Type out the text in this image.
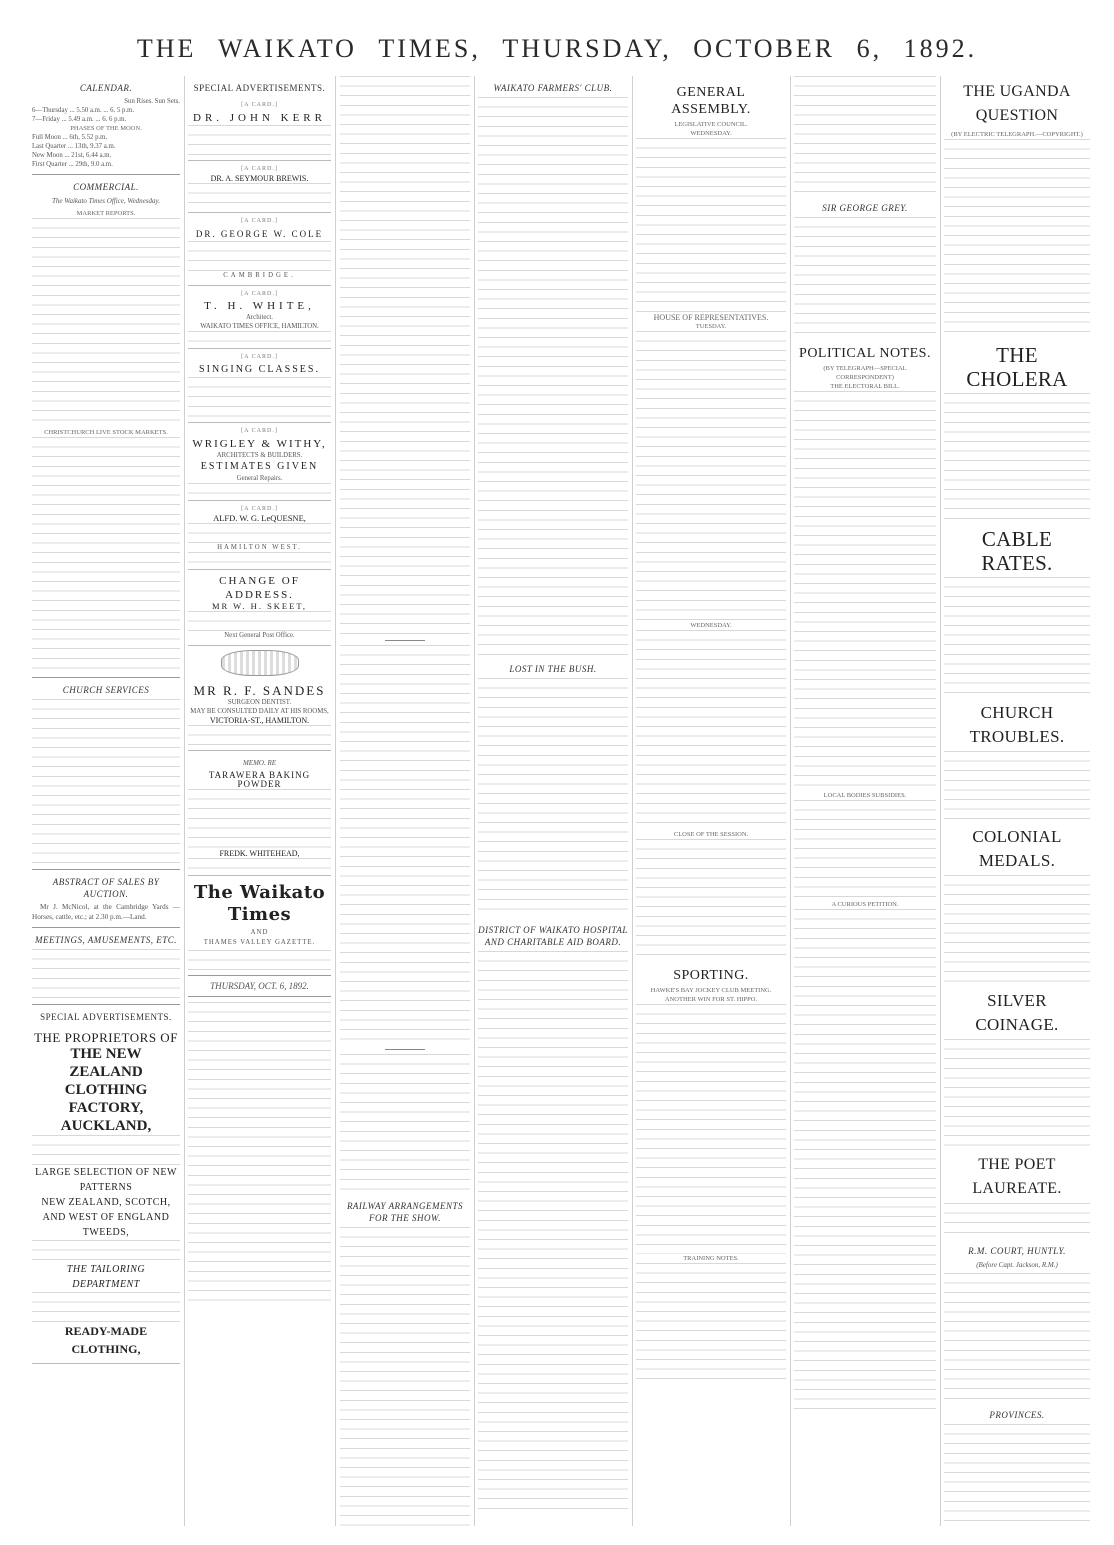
THE WAIKATO TIMES, THURSDAY, OCTOBER 6, 1892.
CALENDAR.
Sun Rises. Sun Sets.
6—Thursday ... 5.50 a.m. ... 6. 5 p.m.
7—Friday ... 5.49 a.m. ... 6. 6 p.m.
PHASES OF THE MOON.
Full Moon ... 6th, 5.52 p.m.
Last Quarter ... 13th, 9.37 a.m.
New Moon ... 21st, 6.44 a.m.
First Quarter ... 29th, 9.0 a.m.
COMMERCIAL.
The Waikato Times Office, Wednesday.
MARKET REPORTS.
CHRISTCHURCH LIVE STOCK MARKETS.
CHURCH SERVICES
ABSTRACT OF SALES BY AUCTION.
Mr J. McNicol, at the Cambridge Yards —Horses, cattle, etc.; at 2.30 p.m.—Land.
MEETINGS, AMUSEMENTS, ETC.
SPECIAL ADVERTISEMENTS.
THE PROPRIETORS OF
THE NEW ZEALAND CLOTHING FACTORY, AUCKLAND,
LARGE SELECTION OF NEW PATTERNS
NEW ZEALAND, SCOTCH, AND WEST OF ENGLAND TWEEDS,
THE TAILORING DEPARTMENT
READY-MADE CLOTHING,
SPECIAL ADVERTISEMENTS.
[A CARD.]
DR. JOHN KERR
[A CARD.]
DR. A. SEYMOUR BREWIS.
[A CARD.]
DR. GEORGE W. COLE
CAMBRIDGE.
[A CARD.]
T. H. WHITE,
Architect.
WAIKATO TIMES OFFICE, HAMILTON.
[A CARD.]
SINGING CLASSES.
[A CARD.]
WRIGLEY & WITHY,
ARCHITECTS & BUILDERS.
ESTIMATES GIVEN
General Repairs.
[A CARD.]
ALFD. W. G. LeQUESNE,
HAMILTON WEST.
CHANGE OF ADDRESS.
MR W. H. SKEET,
Next General Post Office.
MR R. F. SANDES
SURGEON DENTIST.
MAY BE CONSULTED DAILY AT HIS ROOMS,
VICTORIA-ST., HAMILTON.
MEMO. RE
TARAWERA BAKING POWDER
FREDK. WHITEHEAD,
The Waikato Times
AND
THAMES VALLEY GAZETTE.
THURSDAY, OCT. 6, 1892.
RAILWAY ARRANGEMENTS FOR THE SHOW.
WAIKATO FARMERS' CLUB.
LOST IN THE BUSH.
DISTRICT OF WAIKATO HOSPITAL AND CHARITABLE AID BOARD.
GENERAL ASSEMBLY.
LEGISLATIVE COUNCIL.
WEDNESDAY.
HOUSE OF REPRESENTATIVES.
TUESDAY.
WEDNESDAY.
CLOSE OF THE SESSION.
SPORTING.
HAWKE'S BAY JOCKEY CLUB MEETING.
ANOTHER WIN FOR ST. HIPPO.
TRAINING NOTES.
SIR GEORGE GREY.
POLITICAL NOTES.
(BY TELEGRAPH—SPECIAL CORRESPONDENT)
THE ELECTORAL BILL.
LOCAL BODIES SUBSIDIES.
A CURIOUS PETITION.
THE UGANDA QUESTION
(BY ELECTRIC TELEGRAPH.—COPYRIGHT.)
THE CHOLERA
CABLE RATES.
CHURCH TROUBLES.
COLONIAL MEDALS.
SILVER COINAGE.
THE POET LAUREATE.
R.M. COURT, HUNTLY.
(Before Capt. Jackson, R.M.)
PROVINCES.
